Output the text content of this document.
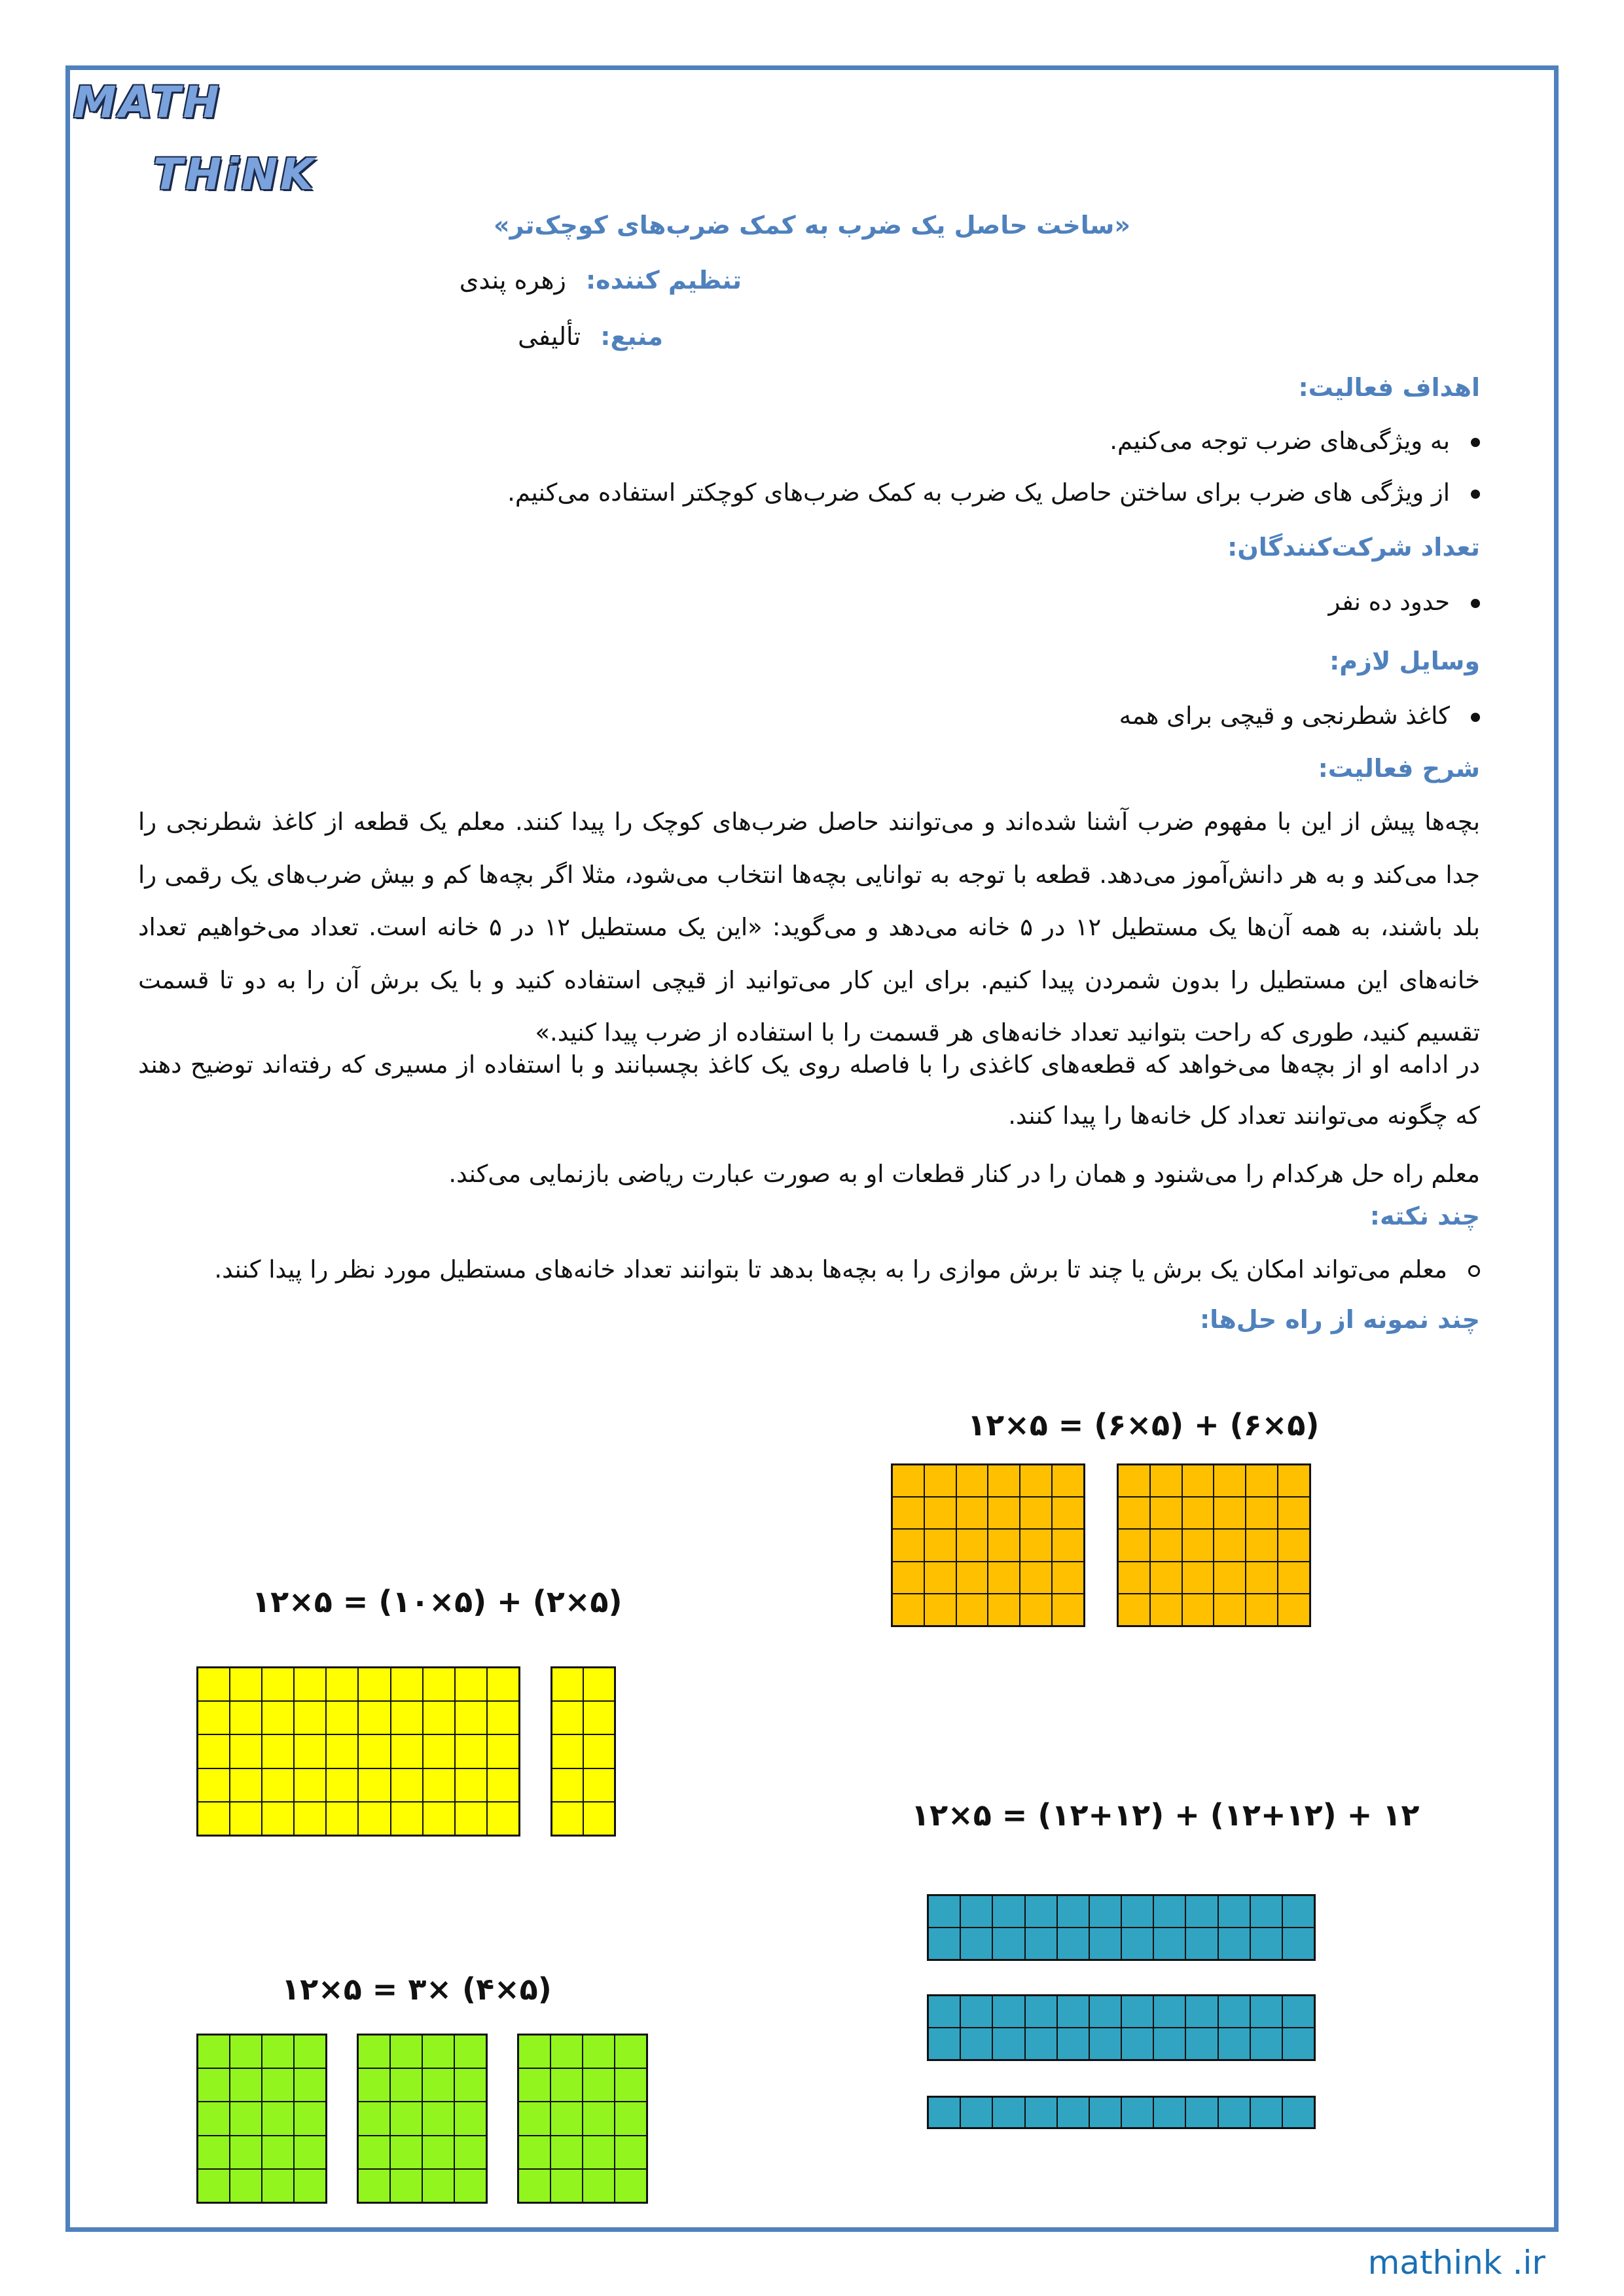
MATH
THiNK
«ساخت حاصل یک ضرب به کمک ضرب‌های کوچک‌تر»
تنظیم کننده: زهره پندی
منبع: تألیفی
اهداف فعالیت:
به ویژگی‌های ضرب توجه می‌کنیم.
از ویژگی های ضرب برای ساختن حاصل یک ضرب به کمک ضرب‌های کوچکتر استفاده می‌کنیم.
تعداد شرکت‌کنندگان:
حدود ده نفر
وسایل لازم:
کاغذ شطرنجی و قیچی برای همه
شرح فعالیت:
بچه‌ها پیش از این با مفهوم ضرب آشنا شده‌اند و می‌توانند حاصل ضرب‌های کوچک را پیدا کنند. معلم یک قطعه از کاغذ شطرنجی را جدا می‌کند و به هر دانش‌آموز می‌دهد. قطعه با توجه به توانایی بچه‌ها انتخاب می‌شود، مثلا اگر بچه‌ها کم و بیش ضرب‌های یک رقمی را بلد باشند، به همه آن‌ها یک مستطیل ۱۲ در ۵ خانه می‌دهد و می‌گوید: «این یک مستطیل ۱۲ در ۵ خانه است. تعداد می‌خواهیم تعداد خانه‌های این مستطیل را بدون شمردن پیدا کنیم. برای این کار می‌توانید از قیچی استفاده کنید و با یک برش آن را به دو تا قسمت تقسیم کنید، طوری که راحت بتوانید تعداد خانه‌های هر قسمت را با استفاده از ضرب پیدا کنید.»
در ادامه او از بچه‌ها می‌خواهد که قطعه‌های کاغذی را با فاصله روی یک کاغذ بچسبانند و با استفاده از مسیری که رفته‌اند توضیح دهند که چگونه می‌توانند تعداد کل خانه‌ها را پیدا کنند.
معلم راه حل هرکدام را می‌شنود و همان را در کنار قطعات او به صورت عبارت ریاضی بازنمایی می‌کند.
چند نکته:
معلم می‌تواند امکان یک برش یا چند تا برش موازی را به بچه‌ها بدهد تا بتوانند تعداد خانه‌های مستطیل مورد نظر را پیدا کنند.
چند نمونه از راه حل‌ها:
۱۲×۵ = (۶×۵) + (۶×۵)
۱۲×۵ = (۱۰×۵) + (۲×۵)
۱۲×۵ = (۱۲+۱۲) + (۱۲+۱۲) + ۱۲
۱۲×۵ = ۳× (۴×۵)
mathink .ir
